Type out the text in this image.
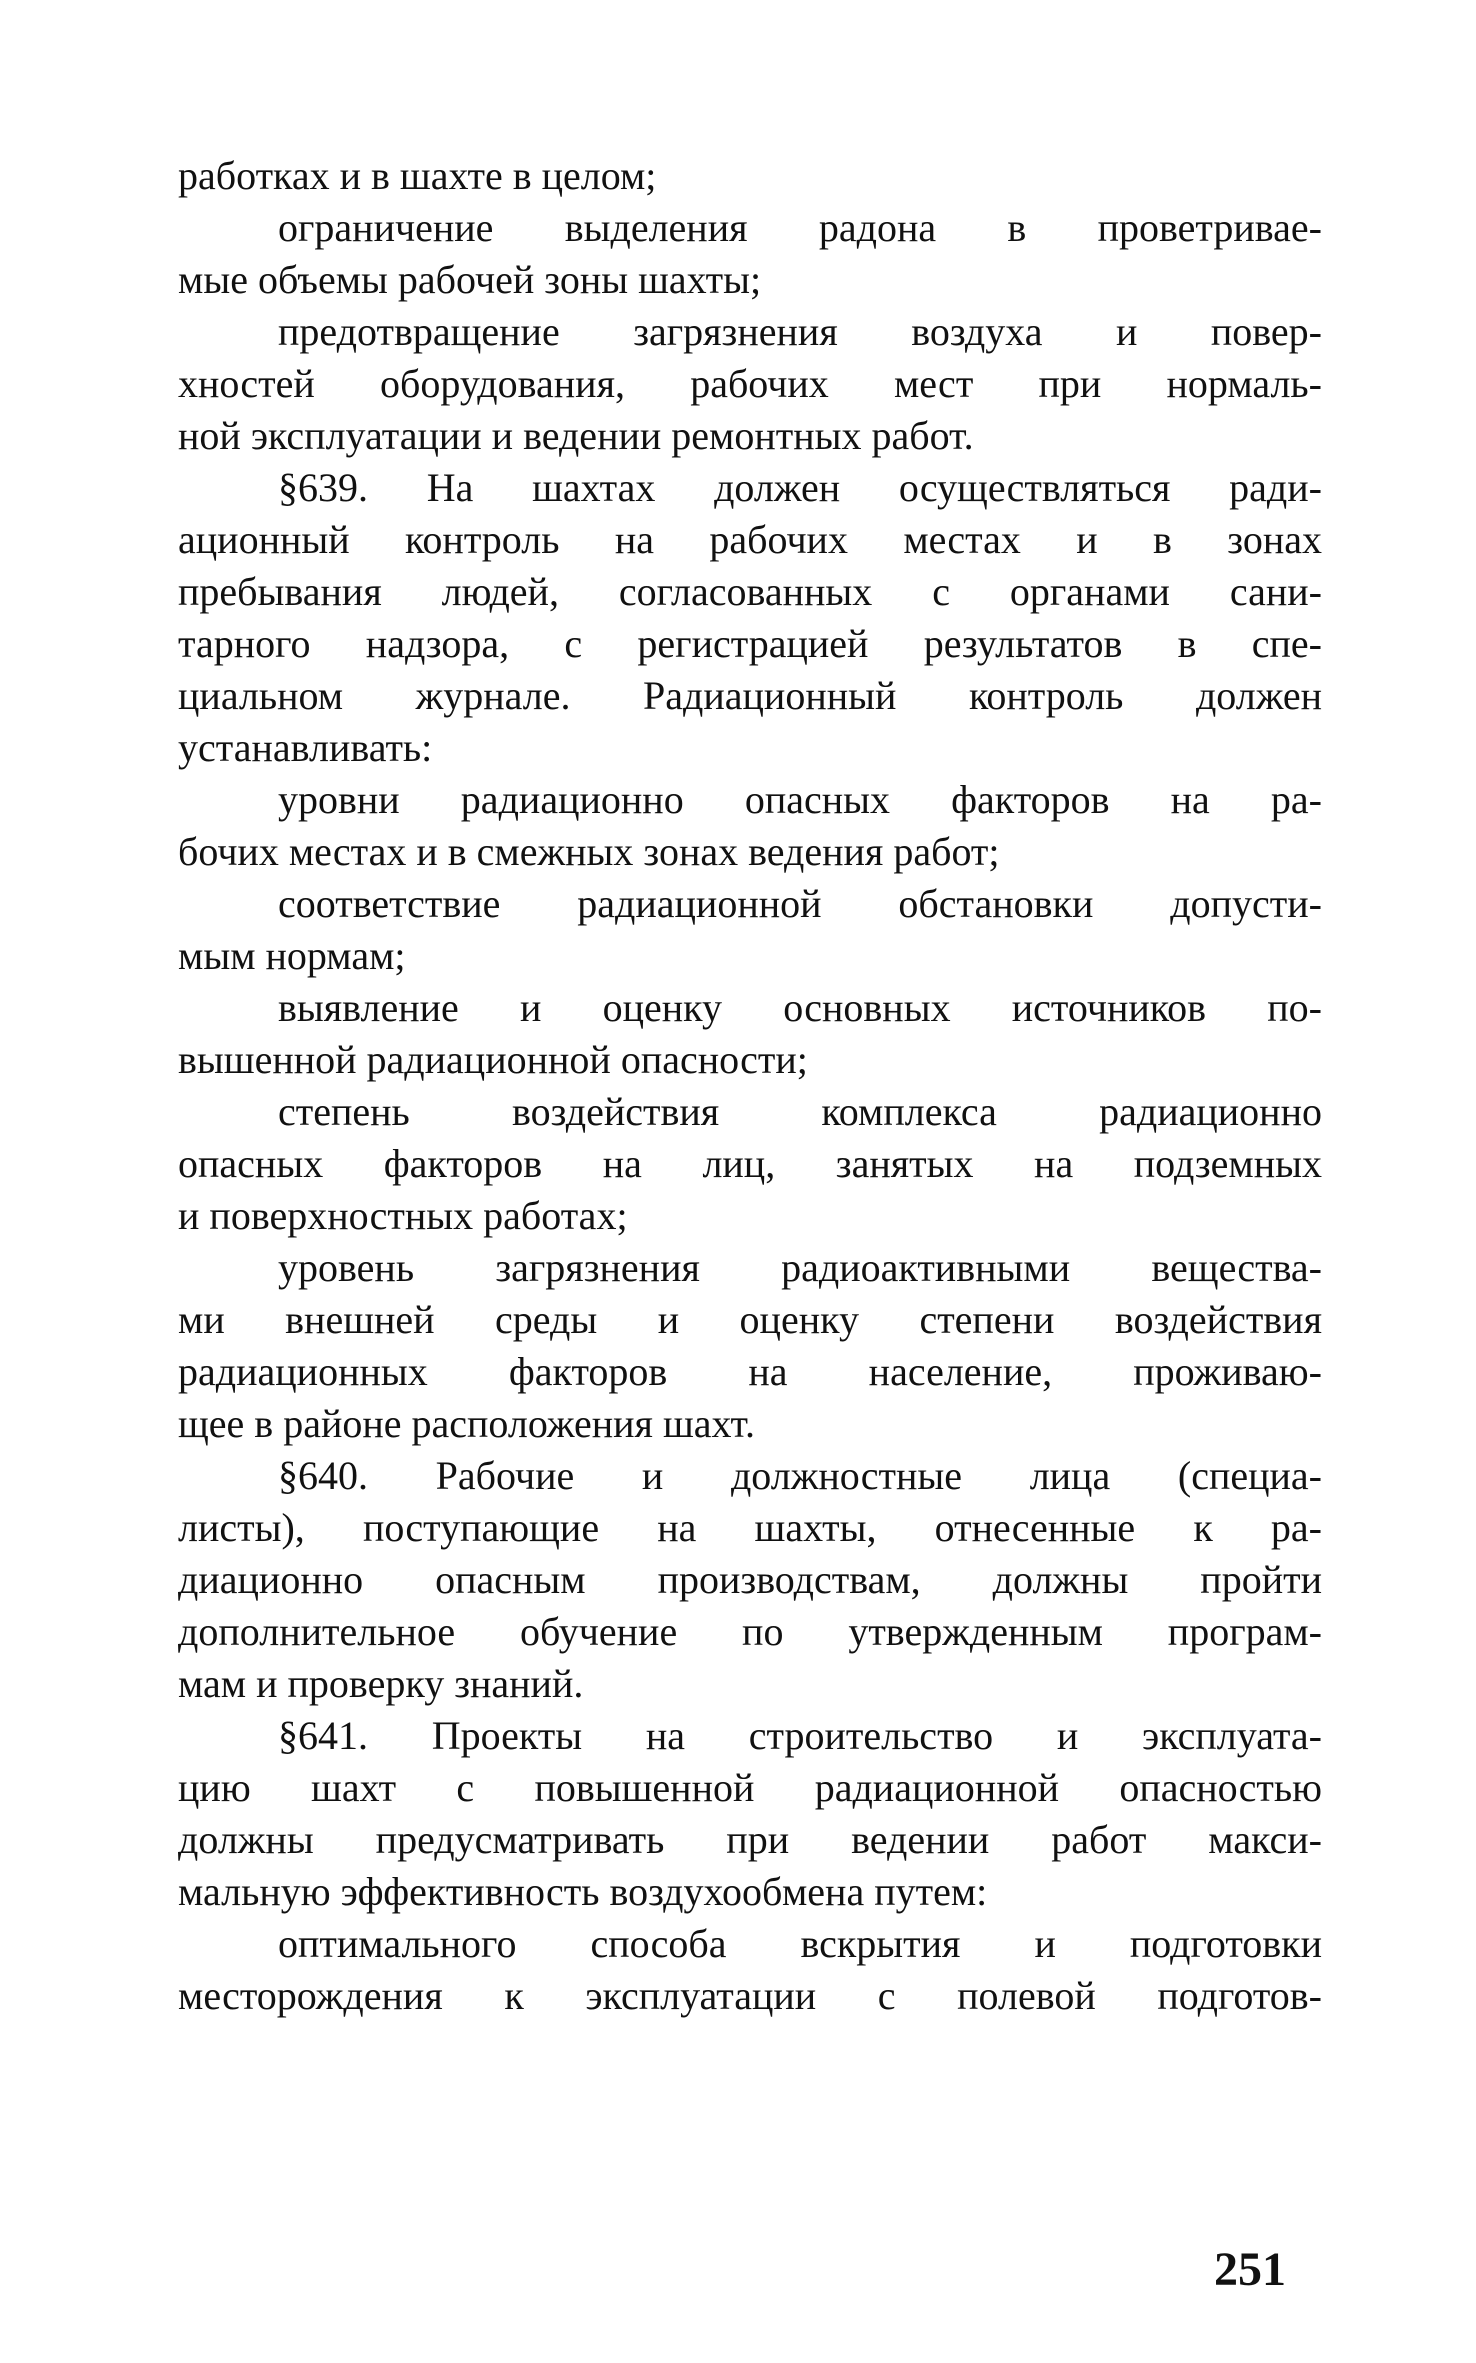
работках и в шахте в целом;
ограничение выделения радона в проветривае-
мые объемы рабочей зоны шахты;
предотвращение загрязнения воздуха и повер-
хностей оборудования, рабочих мест при нормаль-
ной эксплуатации и ведении ремонтных работ.
§639. На шахтах должен осуществляться ради-
ационный контроль на рабочих местах и в зонах
пребывания людей, согласованных с органами сани-
тарного надзора, с регистрацией результатов в спе-
циальном журнале. Радиационный контроль должен
устанавливать:
уровни радиационно опасных факторов на ра-
бочих местах и в смежных зонах ведения работ;
соответствие радиационной обстановки допусти-
мым нормам;
выявление и оценку основных источников по-
вышенной радиационной опасности;
степень воздействия комплекса радиационно
опасных факторов на лиц, занятых на подземных
и поверхностных работах;
уровень загрязнения радиоактивными вещества-
ми внешней среды и оценку степени воздействия
радиационных факторов на население, проживаю-
щее в районе расположения шахт.
§640. Рабочие и должностные лица (специа-
листы), поступающие на шахты, отнесенные к ра-
диационно опасным производствам, должны пройти
дополнительное обучение по утвержденным програм-
мам и проверку знаний.
§641. Проекты на строительство и эксплуата-
цию шахт с повышенной радиационной опасностью
должны предусматривать при ведении работ макси-
мальную эффективность воздухообмена путем:
оптимального способа вскрытия и подготовки
месторождения к эксплуатации с полевой подготов-
251
